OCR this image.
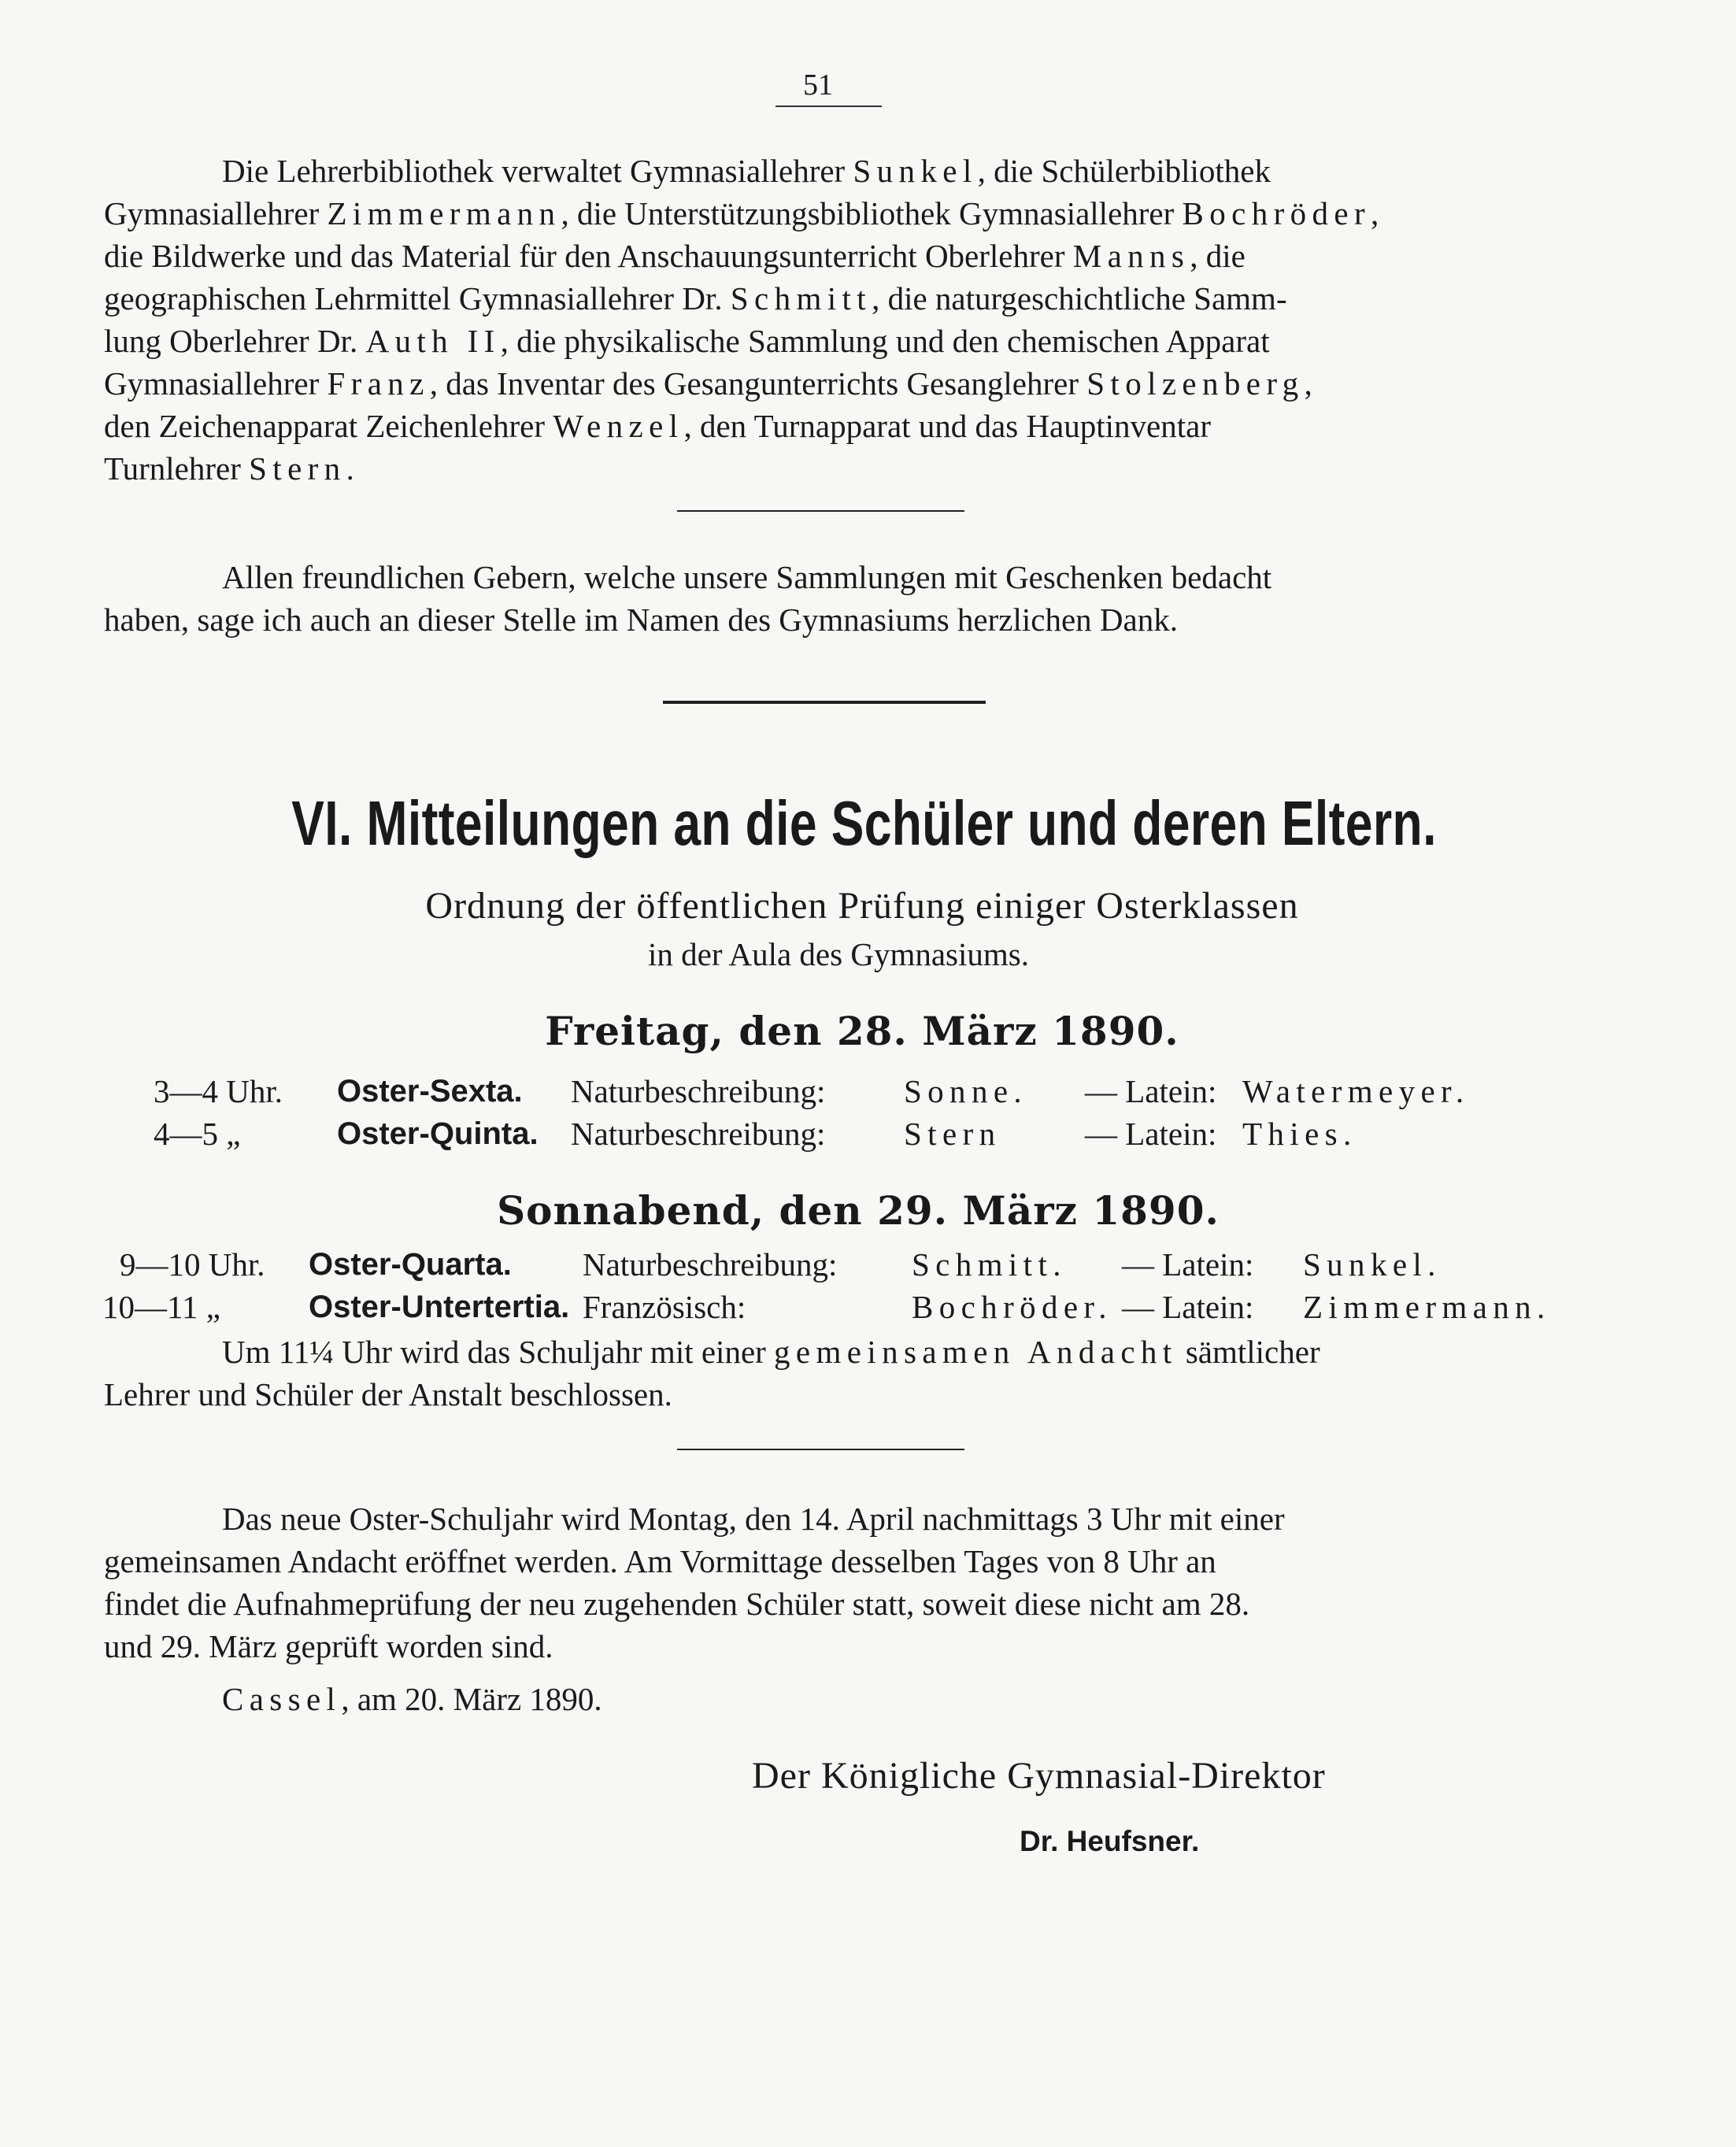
51
Die Lehrerbibliothek verwaltet Gymnasiallehrer Sunkel, die Schülerbibliothek
Gymnasiallehrer Zimmermann, die Unterstützungsbibliothek Gymnasiallehrer Bochröder,
die Bildwerke und das Material für den Anschauungsunterricht Oberlehrer Manns, die
geographischen Lehrmittel Gymnasiallehrer Dr. Schmitt, die naturgeschichtliche Samm-
lung Oberlehrer Dr. Auth II, die physikalische Sammlung und den chemischen Apparat
Gymnasiallehrer Franz, das Inventar des Gesangunterrichts Gesanglehrer Stolzenberg,
den Zeichenapparat Zeichenlehrer Wenzel, den Turnapparat und das Hauptinventar
Turnlehrer Stern.
Allen freundlichen Gebern, welche unsere Sammlungen mit Geschenken bedacht
haben, sage ich auch an dieser Stelle im Namen des Gymnasiums herzlichen Dank.
VI. Mitteilungen an die Schüler und deren Eltern.
Ordnung der öffentlichen Prüfung einiger Osterklassen
in der Aula des Gymnasiums.
Freitag, den 28. März 1890.
3—4 Uhr. Oster-Sexta. Naturbeschreibung: Sonne. — Latein: Watermeyer.
4—5 „	Oster-Quinta. Naturbeschreibung: Stern	— Latein: Thies.
Sonnabend, den 29. März 1890.
9—10 Uhr. Oster-Quarta. Naturbeschreibung: Schmitt. — Latein: Sunkel.
10—11 „	Oster-Untertertia. Französisch:	Bochröder. — Latein: Zimmermann.
Um 11¼ Uhr wird das Schuljahr mit einer gemeinsamen Andacht sämtlicher
Lehrer und Schüler der Anstalt beschlossen.
Das neue Oster-Schuljahr wird Montag, den 14. April nachmittags 3 Uhr mit einer
gemeinsamen Andacht eröffnet werden. Am Vormittage desselben Tages von 8 Uhr an
findet die Aufnahmeprüfung der neu zugehenden Schüler statt, soweit diese nicht am 28.
und 29. März geprüft worden sind.
Cassel, am 20. März 1890.
Der Königliche Gymnasial-Direktor
Dr. Heufsner.
